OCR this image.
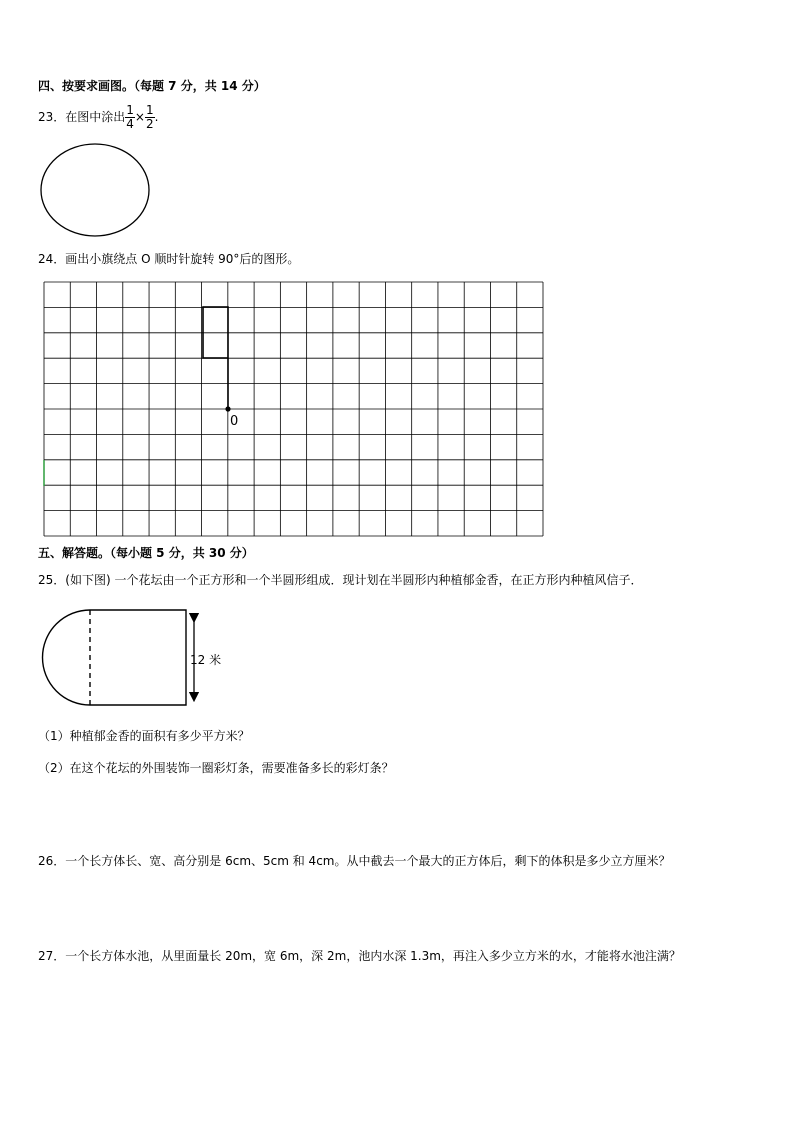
四、按要求画图。（每题 7 分，共 14 分）
23．在图中涂出 $\frac{1}{4} \times \frac{1}{2}$ .
24．画出小旗绕点 O 顺时针旋转 90°后的图形。
0
五、解答题。（每小题 5 分，共 30 分）
25．(如下图) 一个花坛由一个正方形和一个半圆形组成．现计划在半圆形内种植郁金香，在正方形内种植风信子．
12 米
（1）种植郁金香的面积有多少平方米？
（2）在这个花坛的外围装饰一圈彩灯条，需要准备多长的彩灯条？
26．一个长方体长、宽、高分别是 6cm、5cm 和 4cm。从中截去一个最大的正方体后，剩下的体积是多少立方厘米？
27．一个长方体水池，从里面量长 20m，宽 6m，深 2m，池内水深 1.3m，再注入多少立方米的水，才能将水池注满？
